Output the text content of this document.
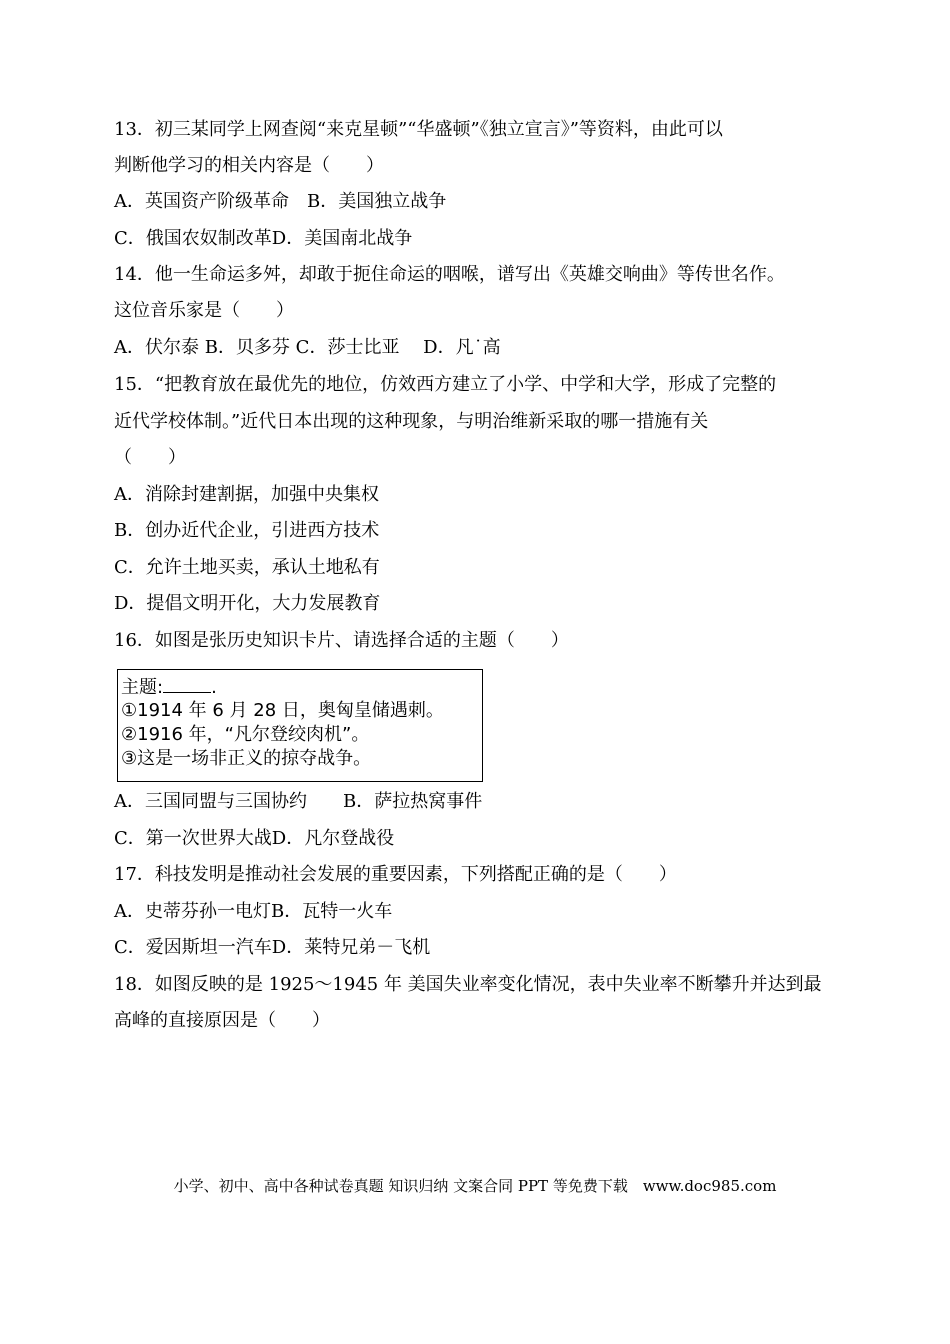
13．初三某同学上网查阅“来克星顿”“华盛顿”《独立宣言》”等资料，由此可以
判断他学习的相关内容是（　　）
A．英国资产阶级革命　B．美国独立战争
C．俄国农奴制改革D．美国南北战争
14．他一生命运多舛，却敢于扼住命运的咽喉，谱写出《英雄交响曲》等传世名作。
这位音乐家是（　　）
A．伏尔泰 B．贝多芬 C．莎士比亚　 D．凡˙高
15．“把教育放在最优先的地位，仿效西方建立了小学、中学和大学，形成了完整的
近代学校体制。”近代日本出现的这种现象，与明治维新采取的哪一措施有关
（　　）
A．消除封建割据，加强中央集权
B．创办近代企业，引进西方技术
C．允许土地买卖，承认土地私有
D．提倡文明开化，大力发展教育
16．如图是张历史知识卡片、请选择合适的主题（　　）
主题:	.
①1914 年 6 月 28 日，奥匈皇储遇刺。
②1916 年，“凡尔登绞肉机”。
③这是一场非正义的掠夺战争。
A．三国同盟与三国协约　　B．萨拉热窝事件
C．第一次世界大战D．凡尔登战役
17．科技发明是推动社会发展的重要因素，下列搭配正确的是（　　）
A．史蒂芬孙一电灯B．瓦特一火车
C．爱因斯坦一汽车D．莱特兄弟－飞机
18．如图反映的是 1925～1945 年 美国失业率变化情况，表中失业率不断攀升并达到最
高峰的直接原因是（　　）
小学、初中、高中各种试卷真题 知识归纳 文案合同 PPT 等免费下载　www.doc985.com
